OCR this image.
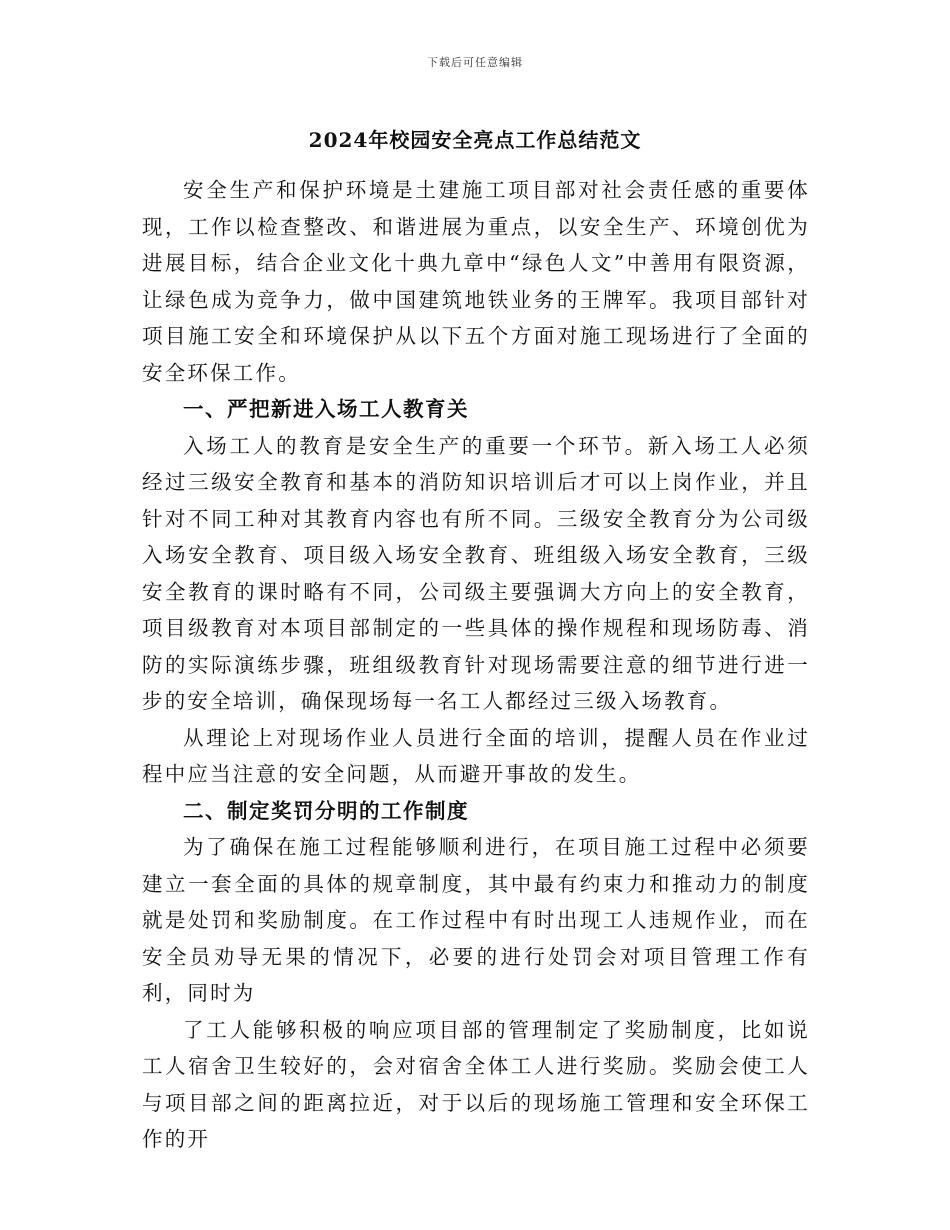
下载后可任意编辑
2024年校园安全亮点工作总结范文

安全生产和保护环境是土建施工项目部对社会责任感的重要体现，工作以检查整改、和谐进展为重点，以安全生产、环境创优为进展目标，结合企业文化十典九章中“绿色人文”中善用有限资源，让绿色成为竞争力，做中国建筑地铁业务的王牌军。我项目部针对项目施工安全和环境保护从以下五个方面对施工现场进行了全面的安全环保工作。

一、严把新进入场工人教育关

入场工人的教育是安全生产的重要一个环节。新入场工人必须经过三级安全教育和基本的消防知识培训后才可以上岗作业，并且针对不同工种对其教育内容也有所不同。三级安全教育分为公司级入场安全教育、项目级入场安全教育、班组级入场安全教育，三级安全教育的课时略有不同，公司级主要强调大方向上的安全教育，项目级教育对本项目部制定的一些具体的操作规程和现场防毒、消防的实际演练步骤，班组级教育针对现场需要注意的细节进行进一步的安全培训，确保现场每一名工人都经过三级入场教育。

从理论上对现场作业人员进行全面的培训，提醒人员在作业过程中应当注意的安全问题，从而避开事故的发生。

二、制定奖罚分明的工作制度

为了确保在施工过程能够顺利进行，在项目施工过程中必须要建立一套全面的具体的规章制度，其中最有约束力和推动力的制度就是处罚和奖励制度。在工作过程中有时出现工人违规作业，而在安全员劝导无果的情况下，必要的进行处罚会对项目管理工作有利，同时为

了工人能够积极的响应项目部的管理制定了奖励制度，比如说工人宿舍卫生较好的，会对宿舍全体工人进行奖励。奖励会使工人与项目部之间的距离拉近，对于以后的现场施工管理和安全环保工作的开
